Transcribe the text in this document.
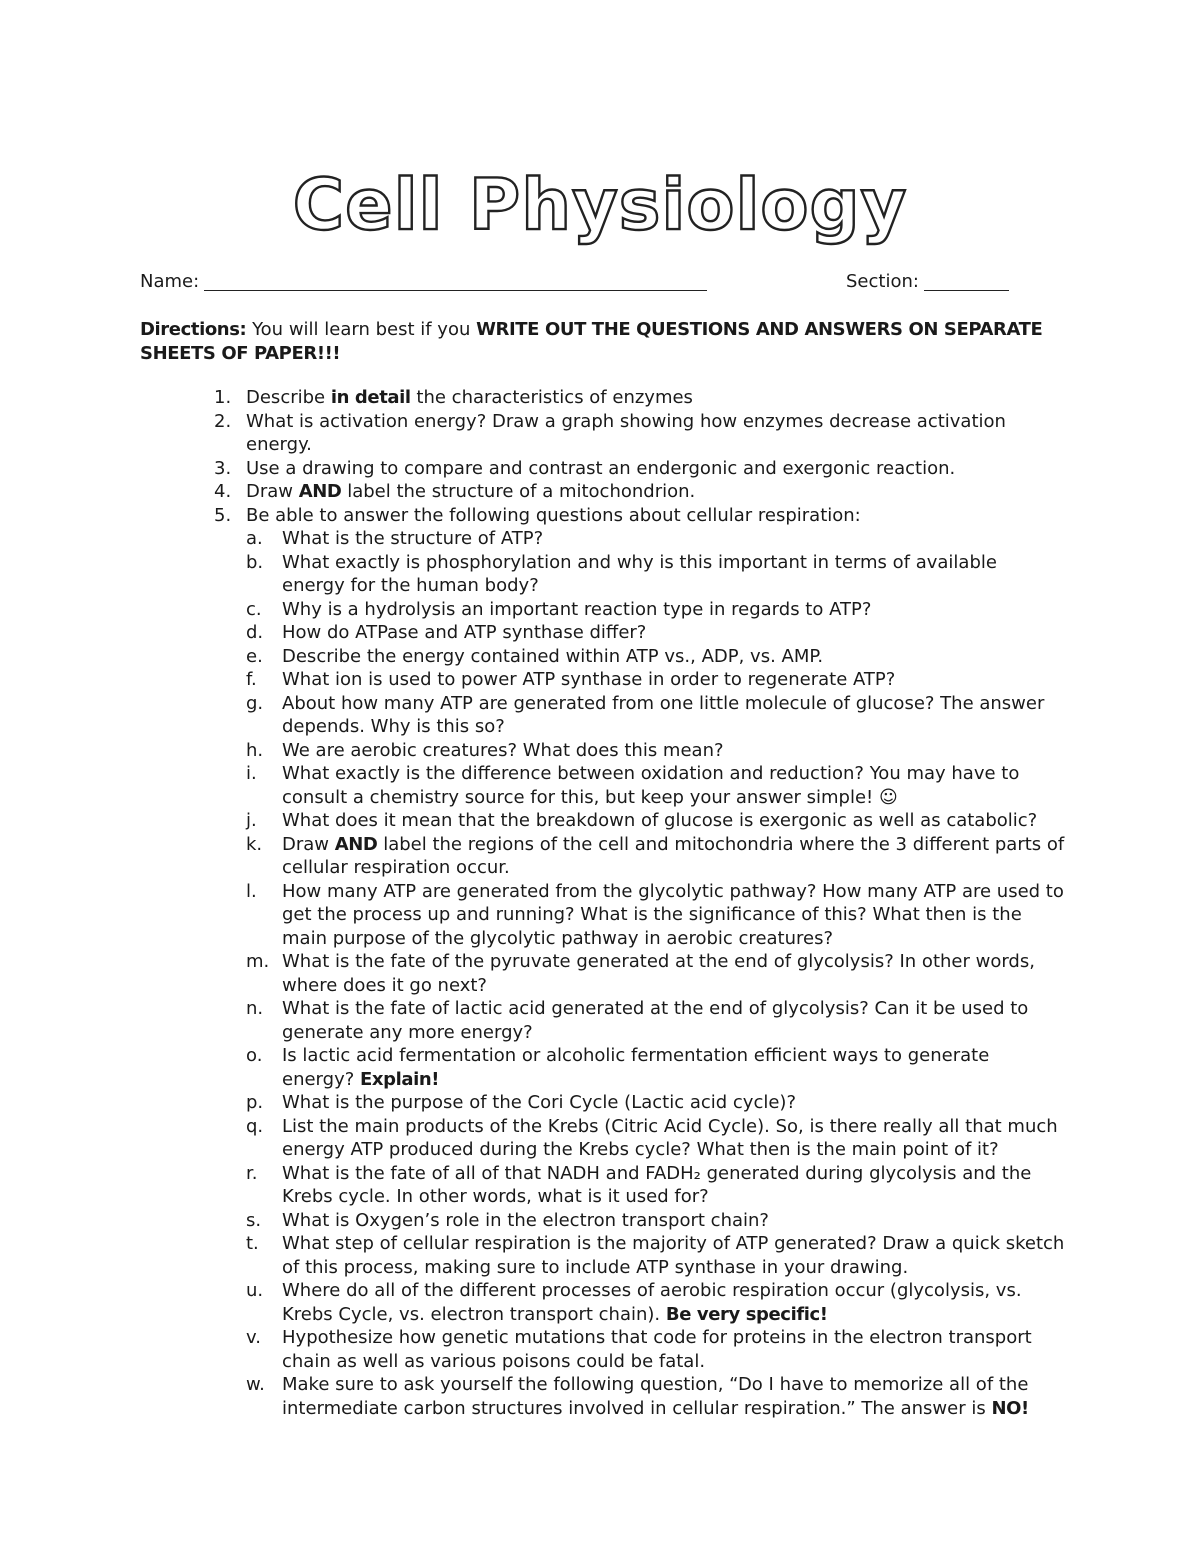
Cell Physiology
Name:	Section:
Directions: You will learn best if you WRITE OUT THE QUESTIONS AND ANSWERS ON SEPARATE SHEETS OF PAPER!!!
1. Describe in detail the characteristics of enzymes
2. What is activation energy? Draw a graph showing how enzymes decrease activation energy.
3. Use a drawing to compare and contrast an endergonic and exergonic reaction.
4. Draw AND label the structure of a mitochondrion.
5. Be able to answer the following questions about cellular respiration:
a. What is the structure of ATP?
b. What exactly is phosphorylation and why is this important in terms of available energy for the human body?
c. Why is a hydrolysis an important reaction type in regards to ATP?
d. How do ATPase and ATP synthase differ?
e. Describe the energy contained within ATP vs., ADP, vs. AMP.
f. What ion is used to power ATP synthase in order to regenerate ATP?
g. About how many ATP are generated from one little molecule of glucose? The answer depends. Why is this so?
h. We are aerobic creatures? What does this mean?
i. What exactly is the difference between oxidation and reduction? You may have to consult a chemistry source for this, but keep your answer simple! ☺
j. What does it mean that the breakdown of glucose is exergonic as well as catabolic?
k. Draw AND label the regions of the cell and mitochondria where the 3 different parts of cellular respiration occur.
l. How many ATP are generated from the glycolytic pathway? How many ATP are used to get the process up and running? What is the significance of this? What then is the main purpose of the glycolytic pathway in aerobic creatures?
m. What is the fate of the pyruvate generated at the end of glycolysis? In other words, where does it go next?
n. What is the fate of lactic acid generated at the end of glycolysis? Can it be used to generate any more energy?
o. Is lactic acid fermentation or alcoholic fermentation efficient ways to generate energy? Explain!
p. What is the purpose of the Cori Cycle (Lactic acid cycle)?
q. List the main products of the Krebs (Citric Acid Cycle). So, is there really all that much energy ATP produced during the Krebs cycle? What then is the main point of it?
r. What is the fate of all of that NADH and FADH₂ generated during glycolysis and the Krebs cycle. In other words, what is it used for?
s. What is Oxygen’s role in the electron transport chain?
t. What step of cellular respiration is the majority of ATP generated? Draw a quick sketch of this process, making sure to include ATP synthase in your drawing.
u. Where do all of the different processes of aerobic respiration occur (glycolysis, vs. Krebs Cycle, vs. electron transport chain). Be very specific!
v. Hypothesize how genetic mutations that code for proteins in the electron transport chain as well as various poisons could be fatal.
w. Make sure to ask yourself the following question, “Do I have to memorize all of the intermediate carbon structures involved in cellular respiration.” The answer is NO!
